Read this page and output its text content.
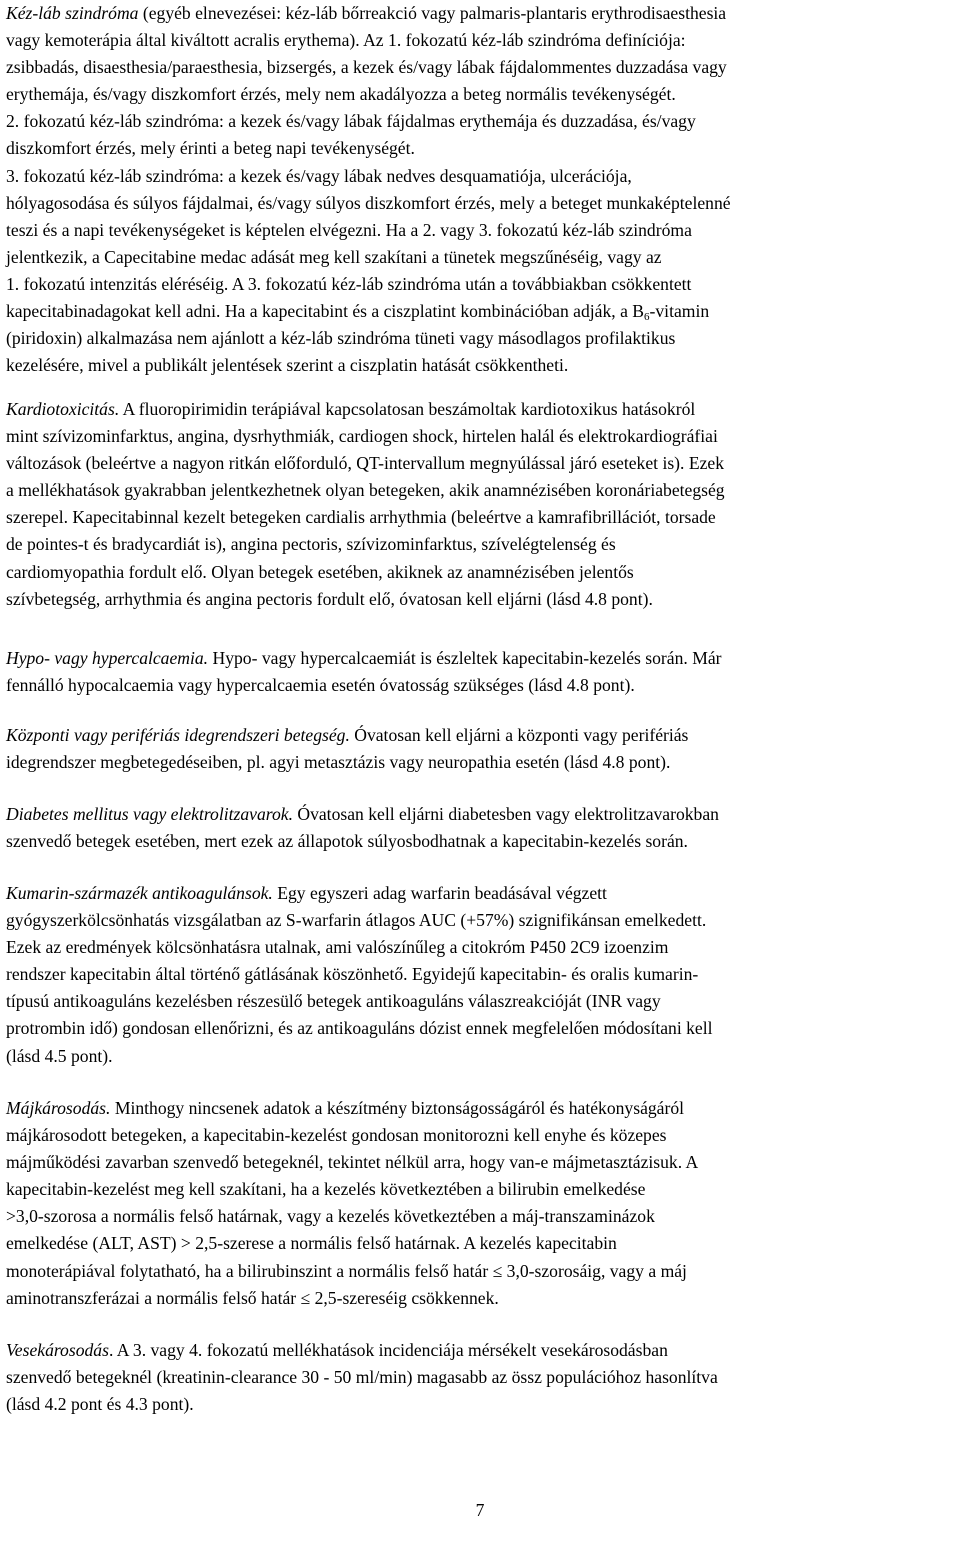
Kéz-láb szindróma (egyéb elnevezései: kéz-láb bőrreakció vagy palmaris-plantaris erythrodisaesthesia
vagy kemoterápia által kiváltott acralis erythema). Az 1. fokozatú kéz-láb szindróma definíciója:
zsibbadás, disaesthesia/paraesthesia, bizsergés, a kezek és/vagy lábak fájdalommentes duzzadása vagy
erythemája, és/vagy diszkomfort érzés, mely nem akadályozza a beteg normális tevékenységét.
2. fokozatú kéz-láb szindróma: a kezek és/vagy lábak fájdalmas erythemája és duzzadása, és/vagy
diszkomfort érzés, mely érinti a beteg napi tevékenységét.
3. fokozatú kéz-láb szindróma: a kezek és/vagy lábak nedves desquamatiója, ulcerációja,
hólyagosodása és súlyos fájdalmai, és/vagy súlyos diszkomfort érzés, mely a beteget munkaképtelenné
teszi és a napi tevékenységeket is képtelen elvégezni. Ha a 2. vagy 3. fokozatú kéz-láb szindróma
jelentkezik, a Capecitabine medac adását meg kell szakítani a tünetek megszűnéséig, vagy az
1. fokozatú intenzitás eléréséig. A 3. fokozatú kéz-láb szindróma után a továbbiakban csökkentett
kapecitabinadagokat kell adni. Ha a kapecitabint és a ciszplatint kombinációban adják, a $B_6$-vitamin
(piridoxin) alkalmazása nem ajánlott a kéz-láb szindróma tüneti vagy másodlagos profilaktikus
kezelésére, mivel a publikált jelentések szerint a ciszplatin hatását csökkentheti.
Kardiotoxicitás. A fluoropirimidin terápiával kapcsolatosan beszámoltak kardiotoxikus hatásokról
mint szívizominfarktus, angina, dysrhythmiák, cardiogen shock, hirtelen halál és elektrokardiográfiai
változások (beleértve a nagyon ritkán előforduló, QT-intervallum megnyúlással járó eseteket is). Ezek
a mellékhatások gyakrabban jelentkezhetnek olyan betegeken, akik anamnézisében koronáriabetegség
szerepel. Kapecitabinnal kezelt betegeken cardialis arrhythmia (beleértve a kamrafibrillációt, torsade
de pointes-t és bradycardiát is), angina pectoris, szívizominfarktus, szívelégtelenség és
cardiomyopathia fordult elő. Olyan betegek esetében, akiknek az anamnézisében jelentős
szívbetegség, arrhythmia és angina pectoris fordult elő, óvatosan kell eljárni (lásd 4.8 pont).
Hypo- vagy hypercalcaemia. Hypo- vagy hypercalcaemiát is észleltek kapecitabin-kezelés során. Már
fennálló hypocalcaemia vagy hypercalcaemia esetén óvatosság szükséges (lásd 4.8 pont).
Központi vagy perifériás idegrendszeri betegség. Óvatosan kell eljárni a központi vagy perifériás
idegrendszer megbetegedéseiben, pl. agyi metasztázis vagy neuropathia esetén (lásd 4.8 pont).
Diabetes mellitus vagy elektrolitzavarok. Óvatosan kell eljárni diabetesben vagy elektrolitzavarokban
szenvedő betegek esetében, mert ezek az állapotok súlyosbodhatnak a kapecitabin-kezelés során.
Kumarin-származék antikoagulánsok. Egy egyszeri adag warfarin beadásával végzett
gyógyszerkölcsönhatás vizsgálatban az S-warfarin átlagos AUC (+57%) szignifikánsan emelkedett.
Ezek az eredmények kölcsönhatásra utalnak, ami valószínűleg a citokróm P450 2C9 izoenzim
rendszer kapecitabin által történő gátlásának köszönhető. Egyidejű kapecitabin- és oralis kumarin-
típusú antikoaguláns kezelésben részesülő betegek antikoaguláns válaszreakcióját (INR vagy
protrombin idő) gondosan ellenőrizni, és az antikoaguláns dózist ennek megfelelően módosítani kell
(lásd 4.5 pont).
Májkárosodás. Minthogy nincsenek adatok a készítmény biztonságosságáról és hatékonyságáról
májkárosodott betegeken, a kapecitabin-kezelést gondosan monitorozni kell enyhe és közepes
májműködési zavarban szenvedő betegeknél, tekintet nélkül arra, hogy van-e májmetasztázisuk. A
kapecitabin-kezelést meg kell szakítani, ha a kezelés következtében a bilirubin emelkedése
>3,0-szorosa a normális felső határnak, vagy a kezelés következtében a máj-transzaminázok
emelkedése (ALT, AST) > 2,5-szerese a normális felső határnak. A kezelés kapecitabin
monoterápiával folytatható, ha a bilirubinszint a normális felső határ ≤ 3,0-szorosáig, vagy a máj
aminotranszferázai a normális felső határ ≤ 2,5-szereséig csökkennek.
Vesekárosodás. A 3. vagy 4. fokozatú mellékhatások incidenciája mérsékelt vesekárosodásban
szenvedő betegeknél (kreatinin-clearance 30 - 50 ml/min) magasabb az össz populációhoz hasonlítva
(lásd 4.2 pont és 4.3 pont).
7
